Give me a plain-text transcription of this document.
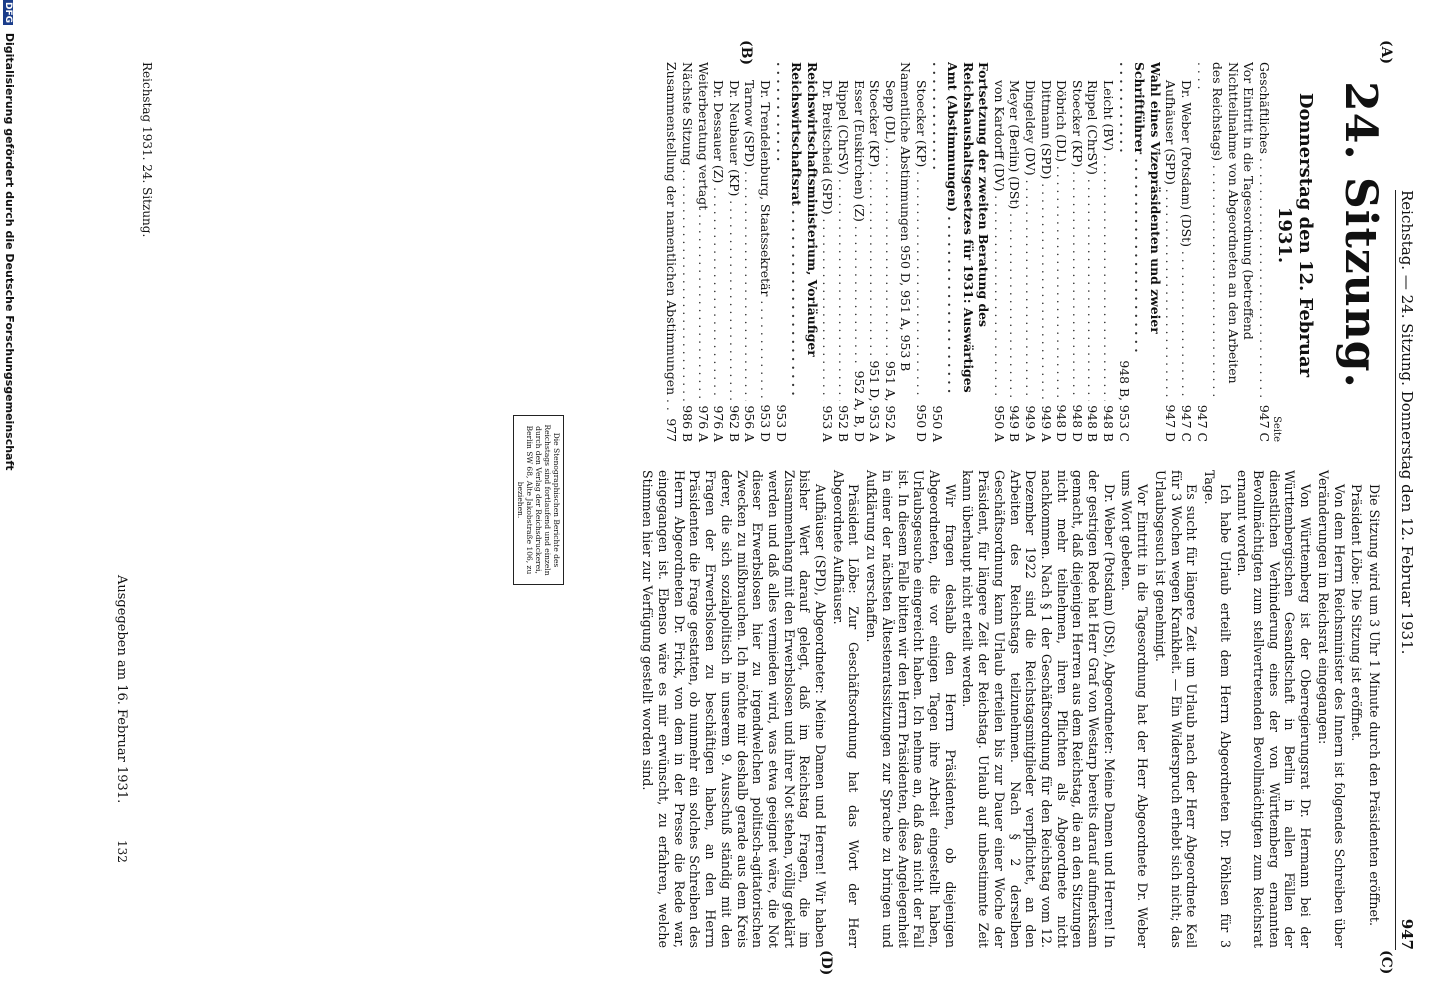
Reichstag. — 24. Sitzung. Donnerstag den 12. Februar 1931.
947
(A)
(B)
(C)
(D)
24. Sitzung.
Donnerstag den 12. Februar 1931.
Seite
Geschäftliches . . .
947 C
Vor Eintritt in die Tagesordnung (betreffend Nichtteilnahme von Abgeordneten an den Arbeiten des Reichstags) . . .
947 C
Dr. Weber (Potsdam) (DSt) . . .
947 C
Aufhäuser (SPD) . . .
947 D
Wahl eines Vizepräsidenten und zweier Schriftführer . . .
948 B, 953 C
Leicht (BV) . . .
948 B
Rippel (ChrSV) . . .
948 B
Stoecker (KP) . . .
948 D
Döbrich (DL) . . .
948 D
Dittmann (SPD) . . .
949 A
Dingeldey (DV) . . .
949 A
Meyer (Berlin) (DSt) . . .
949 B
von Kardorff (DV) . . .
950 A
Fortsetzung der zweiten Beratung des Reichshaushaltsgesetzes für 1931: Auswärtiges Amt (Abstimmungen) . . .
950 A
Stoecker (KP) . . .
950 D
Namentliche Abstimmungen 950 D, 951 A, 953 B
Sepp (DL) . . .
951 A, 952 A
Stoecker (KP) . . .
951 D, 953 A
Esser (Euskirchen) (Z) . . .
952 A, B, D
Rippel (ChrSV) . . .
952 B
Dr. Breitscheid (SPD) . . .
953 A
Reichswirtschaftsministerium, Vorläufiger Reichswirtschaftsrat . . .
953 D
Dr. Trendelenburg, Staatssekretär . . .
953 D
Tarnow (SPD) . . .
956 A
Dr. Neubauer (KP) . . .
962 B
Dr. Dessauer (Z) . . .
976 A
Weiterberatung vertagt . . .
976 A
Nächste Sitzung . . .
986 B
Zusammenstellung der namentlichen Abstimmungen . . .
977

Die Sitzung wird um 3 Uhr 1 Minute durch den Präsidenten eröffnet.

Präsident Löbe: Die Sitzung ist eröffnet.

Von dem Herrn Reichsminister des Innern ist folgendes Schreiben über Veränderungen im Reichsrat eingegangen:

Von Württemberg ist der Oberregierungsrat Dr. Hermann bei der Württembergischen Gesandtschaft in Berlin in allen Fällen der dienstlichen Verhinderung eines der von Württemberg ernannten Bevollmächtigten zum stellvertretenden Bevollmächtigten zum Reichsrat ernannt worden.

Ich habe Urlaub erteilt dem Herrn Abgeordneten Dr. Pöhlsen für 3 Tage.

Es sucht für längere Zeit um Urlaub nach der Herr Abgeordnete Keil für 3 Wochen wegen Krankheit. — Ein Widerspruch erhebt sich nicht; das Urlaubsgesuch ist genehmigt.

Vor Eintritt in die Tagesordnung hat der Herr Abgeordnete Dr. Weber ums Wort gebeten.

Dr. Weber (Potsdam) (DSt), Abgeordneter: Meine Damen und Herren! In der gestrigen Rede hat Herr Graf von Westarp bereits darauf aufmerksam gemacht, daß diejenigen Herren aus dem Reichstag, die an den Sitzungen nicht mehr teilnehmen, ihren Pflichten als Abgeordnete nicht nachkommen. Nach § 1 der Geschäftsordnung für den Reichstag vom 12. Dezember 1922 sind die Reichstagsmitglieder verpflichtet, an den Arbeiten des Reichstags teilzunehmen. Nach § 2 derselben Geschäftsordnung kann Urlaub erteilen bis zur Dauer einer Woche der Präsident, für längere Zeit der Reichstag. Urlaub auf unbestimmte Zeit kann überhaupt nicht erteilt werden.

Wir fragen deshalb den Herrn Präsidenten, ob diejenigen Abgeordneten, die vor einigen Tagen ihre Arbeit eingestellt haben, Urlaubsgesuche eingereicht haben. Ich nehme an, daß das nicht der Fall ist. In diesem Falle bitten wir den Herrn Präsidenten, diese Angelegenheit in einer der nächsten Ältestenratssitzungen zur Sprache zu bringen und Aufklärung zu verschaffen.

Präsident Löbe: Zur Geschäftsordnung hat das Wort der Herr Abgeordnete Aufhäuser.

Aufhäuser (SPD), Abgeordneter: Meine Damen und Herren! Wir haben bisher Wert darauf gelegt, daß im Reichstag Fragen, die im Zusammenhang mit den Erwerbslosen und ihrer Not stehen, völlig geklärt werden und daß alles vermieden wird, was etwa geeignet wäre, die Not dieser Erwerbslosen hier zu irgendwelchen politisch-agitatorischen Zwecken zu mißbrauchen. Ich möchte mir deshalb gerade aus dem Kreis derer, die sich sozialpolitisch in unserem 9. Ausschuß ständig mit den Fragen der Erwerbslosen zu beschäftigen haben, an den Herrn Präsidenten die Frage gestatten, ob nunmehr ein solches Schreiben des Herrn Abgeordneten Dr. Frick, von dem in der Presse die Rede war, eingegangen ist. Ebenso wäre es mir erwünscht, zu erfahren, welche Stimmen hier zur Verfügung gestellt worden sind.

Die Stenographischen Berichte des Reichstags sind fortlaufend und einzeln durch den Verlag der Reichsdruckerei, Berlin SW 68, Alte Jakobstraße 106, zu beziehen.
Reichstag 1931. 24. Sitzung.
Ausgegeben am 16. Februar 1931.
132
DFG Digitalisierung gefördert durch die Deutsche Forschungsgemeinschaft
